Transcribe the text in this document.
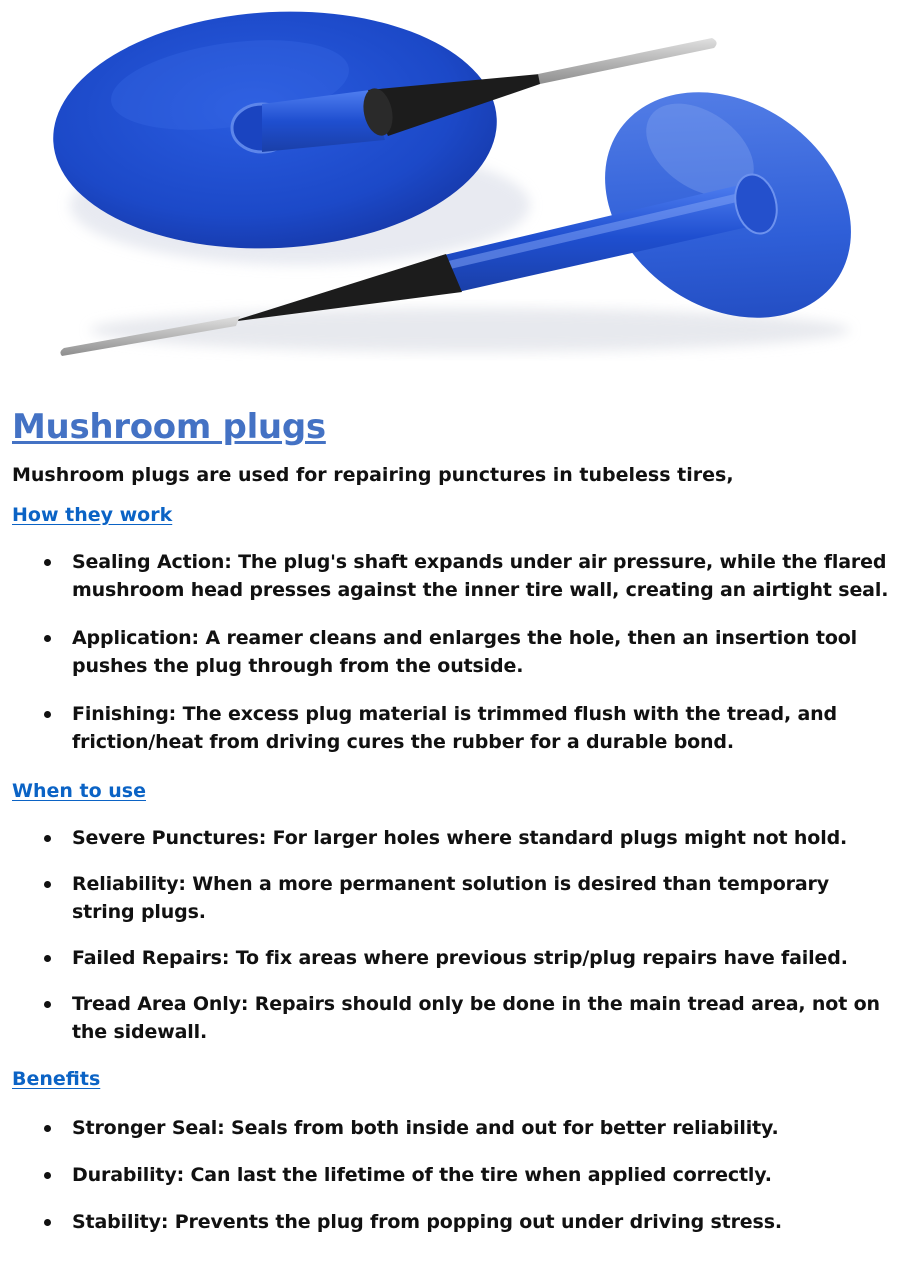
Mushroom plugs

Mushroom plugs are used for repairing punctures in tubeless tires,

How they work
Sealing Action: The plug's shaft expands under air pressure, while the flared mushroom head presses against the inner tire wall, creating an airtight seal.
Application: A reamer cleans and enlarges the hole, then an insertion tool pushes the plug through from the outside.
Finishing: The excess plug material is trimmed flush with the tread, and friction/heat from driving cures the rubber for a durable bond.
When to use
Severe Punctures: For larger holes where standard plugs might not hold.
Reliability: When a more permanent solution is desired than temporary string plugs.
Failed Repairs: To fix areas where previous strip/plug repairs have failed.
Tread Area Only: Repairs should only be done in the main tread area, not on the sidewall.
Benefits
Stronger Seal: Seals from both inside and out for better reliability.
Durability: Can last the lifetime of the tire when applied correctly.
Stability: Prevents the plug from popping out under driving stress.
